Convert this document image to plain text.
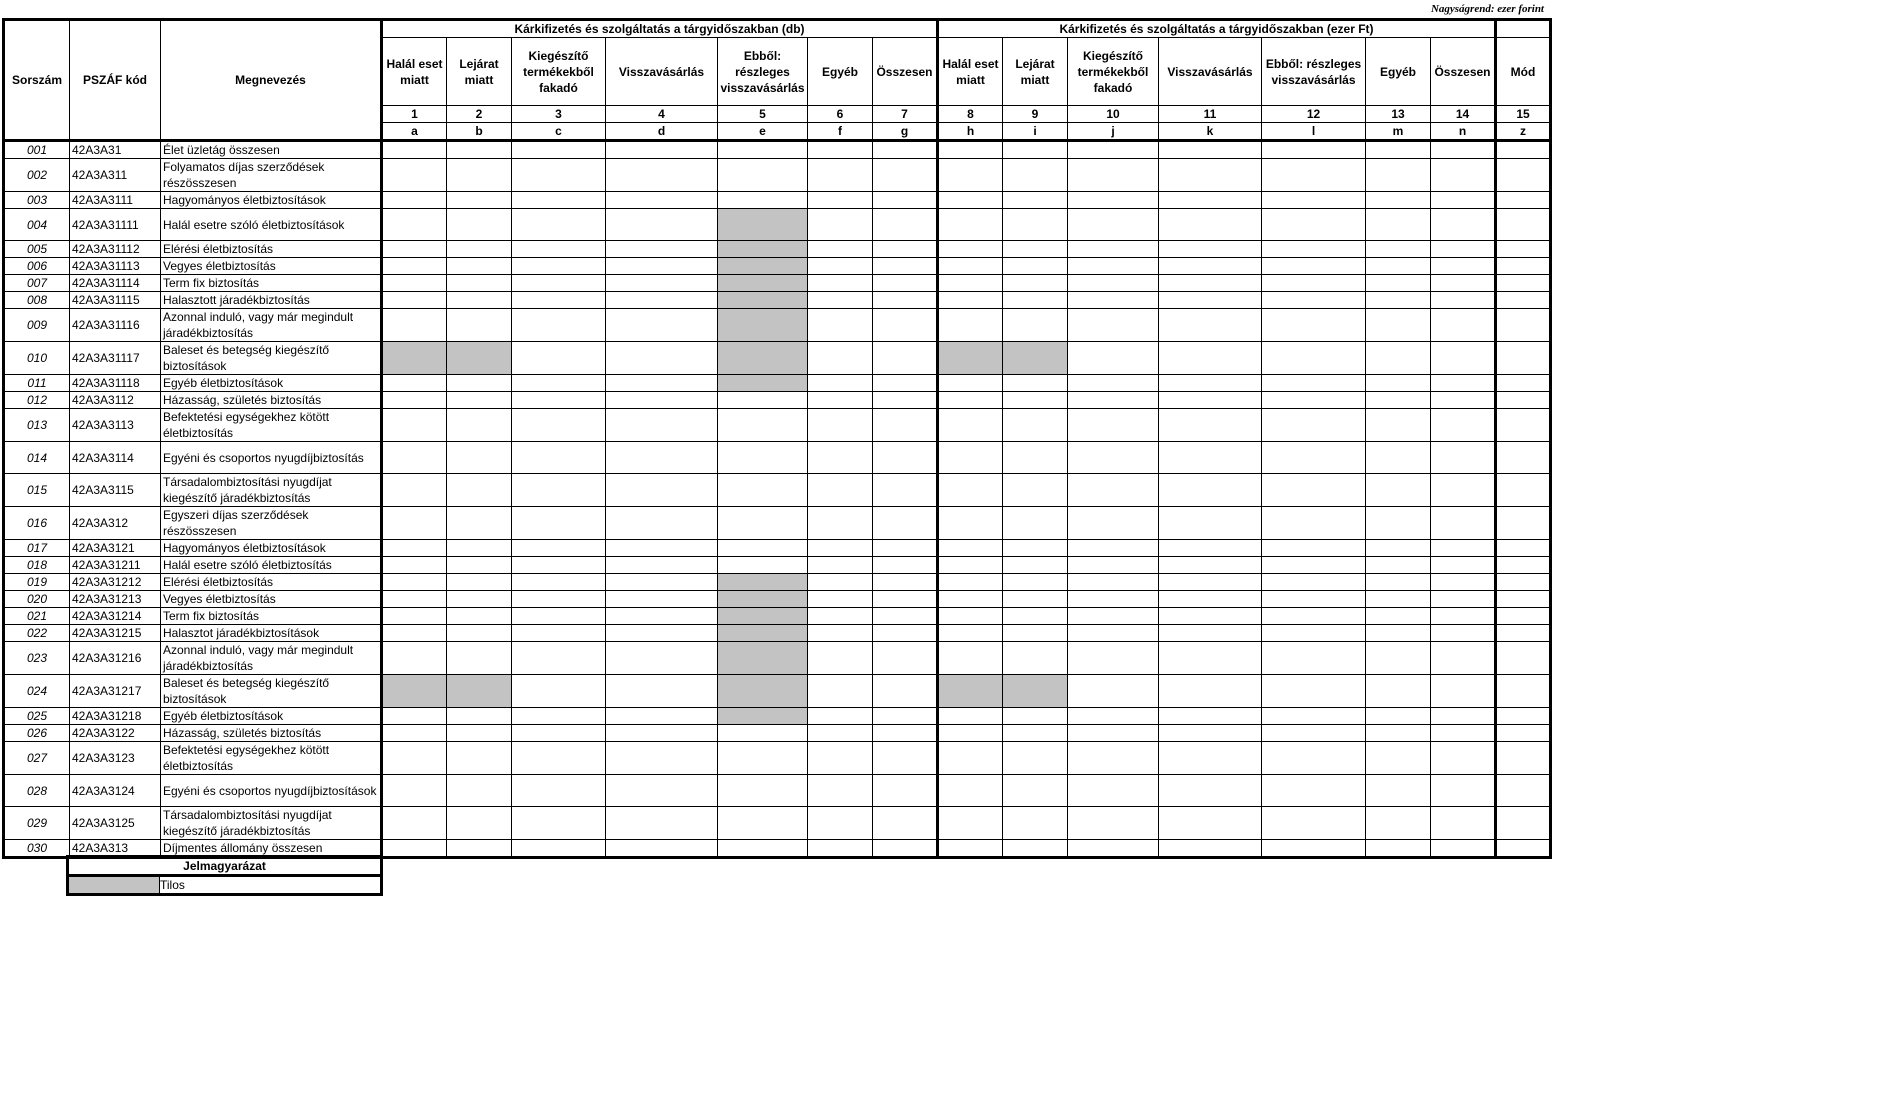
Nagyságrend: ezer forint
Sorszám	PSZÁF kód	Megnevezés	Kárkifizetés és szolgáltatás a tárgyidőszakban (db)							Kárkifizetés és szolgáltatás a tárgyidőszakban (ezer Ft)							
			Halál eset miatt	Lejárat miatt	Kiegészítő termékekből fakadó	Visszavásárlás	Ebből: részleges visszavásárlás	Egyéb	Összesen	Halál eset miatt	Lejárat miatt	Kiegészítő termékekből fakadó	Visszavásárlás	Ebből: részleges visszavásárlás	Egyéb	Összesen	Mód
			1	2	3	4	5	6	7	8	9	10	11	12	13	14	15
			a	b	c	d	e	f	g	h	i	j	k	l	m	n	z
001	42A3A31	Élet üzletág összesen															
002	42A3A311	Folyamatos díjas szerződések részösszesen															
003	42A3A3111	Hagyományos életbiztosítások															
004	42A3A31111	Halál esetre szóló életbiztosítások															
005	42A3A31112	Elérési életbiztosítás															
006	42A3A31113	Vegyes életbiztosítás															
007	42A3A31114	Term fix biztosítás															
008	42A3A31115	Halasztott járadékbiztosítás															
009	42A3A31116	Azonnal induló, vagy már megindult járadékbiztosítás															
010	42A3A31117	Baleset és betegség kiegészítő biztosítások															
011	42A3A31118	Egyéb életbiztosítások															
012	42A3A3112	Házasság, születés biztosítás															
013	42A3A3113	Befektetési egységekhez kötött életbiztosítás															
014	42A3A3114	Egyéni és csoportos nyugdíjbiztosítás															
015	42A3A3115	Társadalombiztosítási nyugdíjat kiegészítő járadékbiztosítás															
016	42A3A312	Egyszeri díjas szerződések részösszesen															
017	42A3A3121	Hagyományos életbiztosítások															
018	42A3A31211	Halál esetre szóló életbiztosítás															
019	42A3A31212	Elérési életbiztosítás															
020	42A3A31213	Vegyes életbiztosítás															
021	42A3A31214	Term fix biztosítás															
022	42A3A31215	Halasztot járadékbiztosítások															
023	42A3A31216	Azonnal induló, vagy már megindult járadékbiztosítás															
024	42A3A31217	Baleset és betegség kiegészítő biztosítások															
025	42A3A31218	Egyéb életbiztosítások															
026	42A3A3122	Házasság, születés biztosítás															
027	42A3A3123	Befektetési egységekhez kötött életbiztosítás															
028	42A3A3124	Egyéni és csoportos nyugdíjbiztosítások															
029	42A3A3125	Társadalombiztosítási nyugdíjat kiegészítő járadékbiztosítás															
030	42A3A313	Díjmentes állomány összesen															
Jelmagyarázat
	Tilos
